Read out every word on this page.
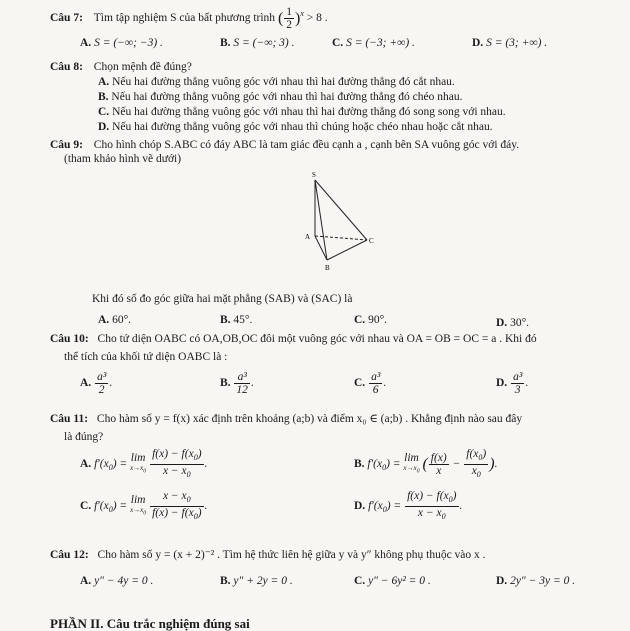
Câu 7: Tìm tập nghiệm S của bất phương trình ( $\frac{1}{2} )^x > 8$ .
A. S = (−∞; −3) .	B. S = (−∞; 3) .	C. S = (−3; +∞) .	D. S = (3; +∞) .
Câu 8: Chọn mệnh đề đúng?
A. Nếu hai đường thẳng vuông góc với nhau thì hai đường thẳng đó cắt nhau.
B. Nếu hai đường thẳng vuông góc với nhau thì hai đường thẳng đó chéo nhau.
C. Nếu hai đường thẳng vuông góc với nhau thì hai đường thẳng đó song song với nhau.
D. Nếu hai đường thẳng vuông góc với nhau thì chúng hoặc chéo nhau hoặc cắt nhau.
Câu 9: Cho hình chóp S.ABC có đáy ABC là tam giác đều cạnh a , cạnh bên SA vuông góc với đáy.
(tham khảo hình vẽ dưới)
S
A	C
B
Khi đó số đo góc giữa hai mặt phẳng (SAB) và (SAC) là
A. 60°.	B. 45°.	C. 90°.	D. 30°.
Câu 10: Cho tứ diện OABC có OA,OB,OC đôi một vuông góc với nhau và OA = OB = OC = a . Khi đó
thể tích của khối tứ diện OABC là :
A. $\frac{\text{a³}}{2}$ .	B. $\frac{\text{a³}}{12}$ .	C. $\frac{\text{a³}}{6}$ .	D. $\frac{\text{a³}}{3}$ .
Câu 11: Cho hàm số y = f(x) xác định trên khoảng (a;b) và điểm x₀ ∈ (a;b) . Khẳng định nào sau đây
là đúng?
A. $f'(x_0)$ =
lim
$x\to x_0$
$\frac{f(x) - f(x_0)}{x - x_0}$ .	B. $f'(x_0)$ =
lim
$x\to x_0$ ( $\frac{f(x)}{x} - \frac{f(x_0)}{x_0}$ ).
C. $f'(x_0)$ =
lim
$x\to x_0$
$\frac{x - x_0}{f(x) - f(x_0)}$ .	D. $f'(x_0) = \frac{f(x) - f(x_0)}{x - x_0}$ .
Câu 12: Cho hàm số y = (x + 2)⁻² . Tìm hệ thức liên hệ giữa y và y″ không phụ thuộc vào x .
A. y″ − 4y = 0 .	B. y″ + 2y = 0 .	C. y″ − 6y² = 0 .	D. 2y″ − 3y = 0 .
PHẦN II. Câu trắc nghiệm đúng sai
